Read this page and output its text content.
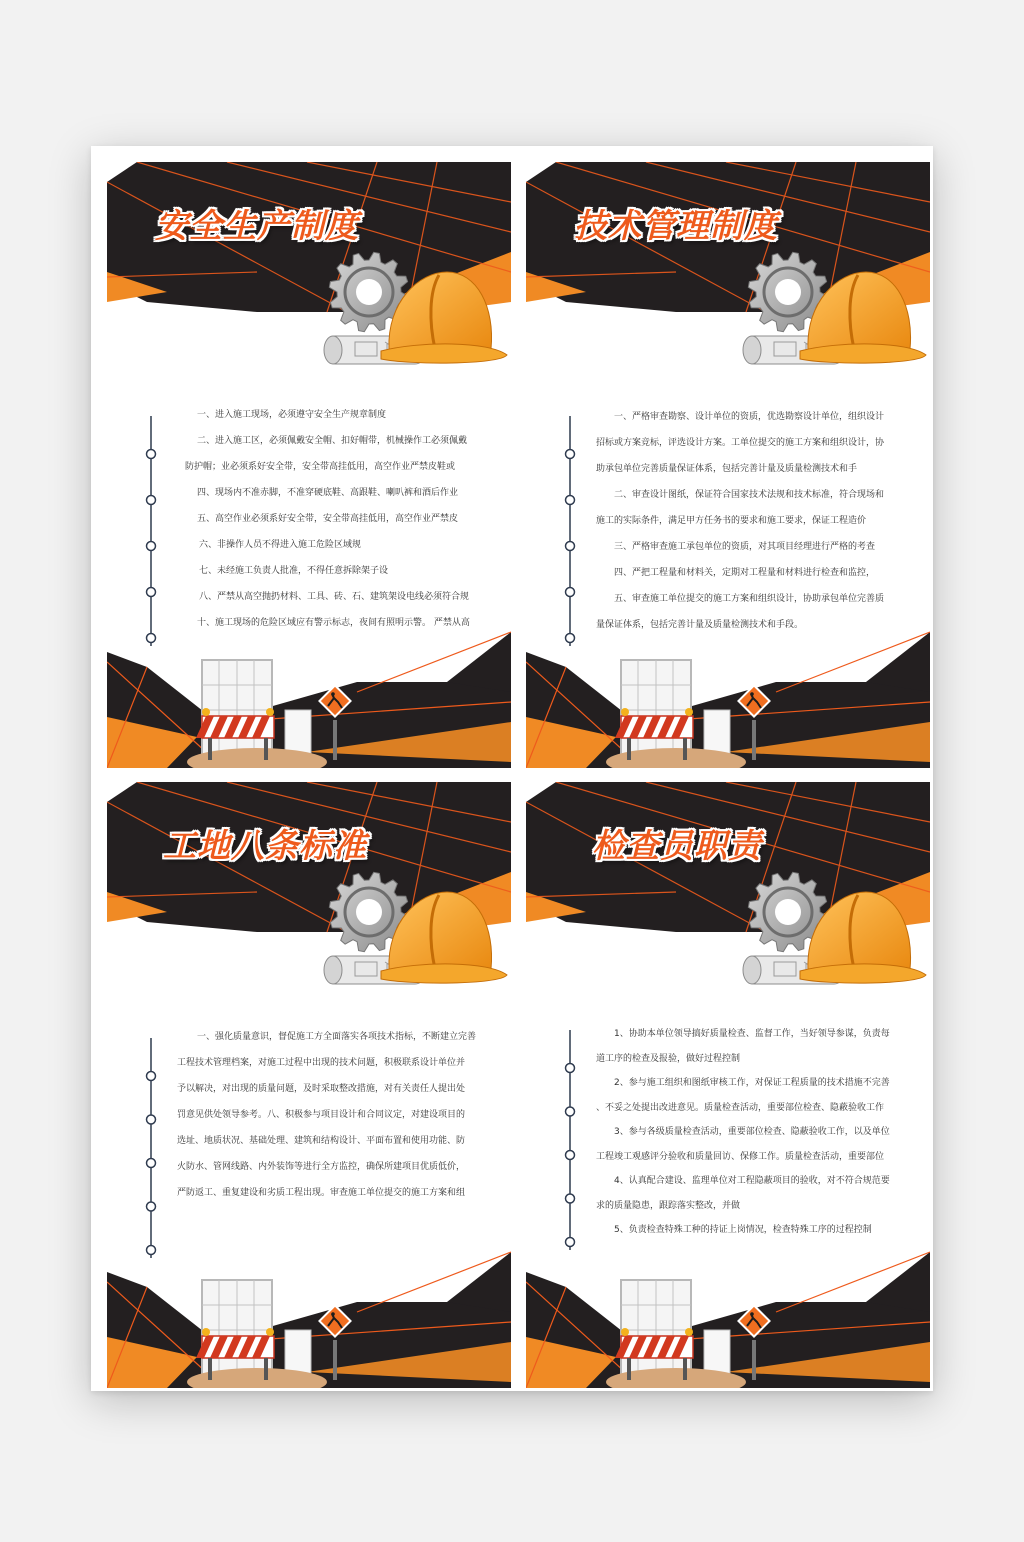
安全生产制度

一、进入施工现场，必须遵守安全生产规章制度

二、进入施工区，必须佩戴安全帽、扣好帽带，机械操作工必须佩戴

防护帽；业必须系好安全带，安全带高挂低用，高空作业严禁皮鞋或

四、现场内不准赤脚，不准穿硬底鞋、高跟鞋、喇叭裤和酒后作业

五、高空作业必须系好安全带，安全带高挂低用，高空作业严禁皮

六、非操作人员不得进入施工危险区域规

七、未经施工负责人批准，不得任意拆除架子设

八、严禁从高空抛扔材料、工具、砖、石、建筑架设电线必须符合规

十、施工现场的危险区域应有警示标志，夜间有照明示警。 严禁从高

技术管理制度

一、严格审查勘察、设计单位的资质，优选勘察设计单位，组织设计

招标或方案竞标，评选设计方案。工单位提交的施工方案和组织设计，协

助承包单位完善质量保证体系，包括完善计量及质量检测技术和手

二、审查设计图纸，保证符合国家技术法规和技术标准，符合现场和

施工的实际条件，满足甲方任务书的要求和施工要求，保证工程造价

三、严格审查施工承包单位的资质，对其项目经理进行严格的考查

四、严把工程量和材料关，定期对工程量和材料进行检查和监控，

五、审查施工单位提交的施工方案和组织设计，协助承包单位完善质

量保证体系，包括完善计量及质量检测技术和手段。

工地八条标准

一、强化质量意识，督促施工方全面落实各项技术指标，不断建立完善

工程技术管理档案，对施工过程中出现的技术问题，积极联系设计单位并

予以解决，对出现的质量问题，及时采取整改措施，对有关责任人提出处

罚意见供处领导参考。八、积极参与项目设计和合同议定，对建设项目的

选址、地质状况、基础处理、建筑和结构设计、平面布置和使用功能、防

火防水、管网线路、内外装饰等进行全方监控，确保所建项目优质低价，

严防返工、重复建设和劣质工程出现。审查施工单位提交的施工方案和组

检查员职责

1、协助本单位领导搞好质量检查、监督工作，当好领导参谋，负责每

道工序的检查及报验，做好过程控制

2、参与施工组织和图纸审核工作，对保证工程质量的技术措施不完善

、不妥之处提出改进意见。质量检查活动，重要部位检查、隐蔽验收工作

3、参与各级质量检查活动，重要部位检查、隐蔽验收工作，以及单位

工程竣工观感评分验收和质量回访、保修工作。质量检查活动，重要部位

4、认真配合建设、监理单位对工程隐蔽项目的验收，对不符合规范要

求的质量隐患，跟踪落实整改，并做

5、负责检查特殊工种的持证上岗情况，检查特殊工序的过程控制
